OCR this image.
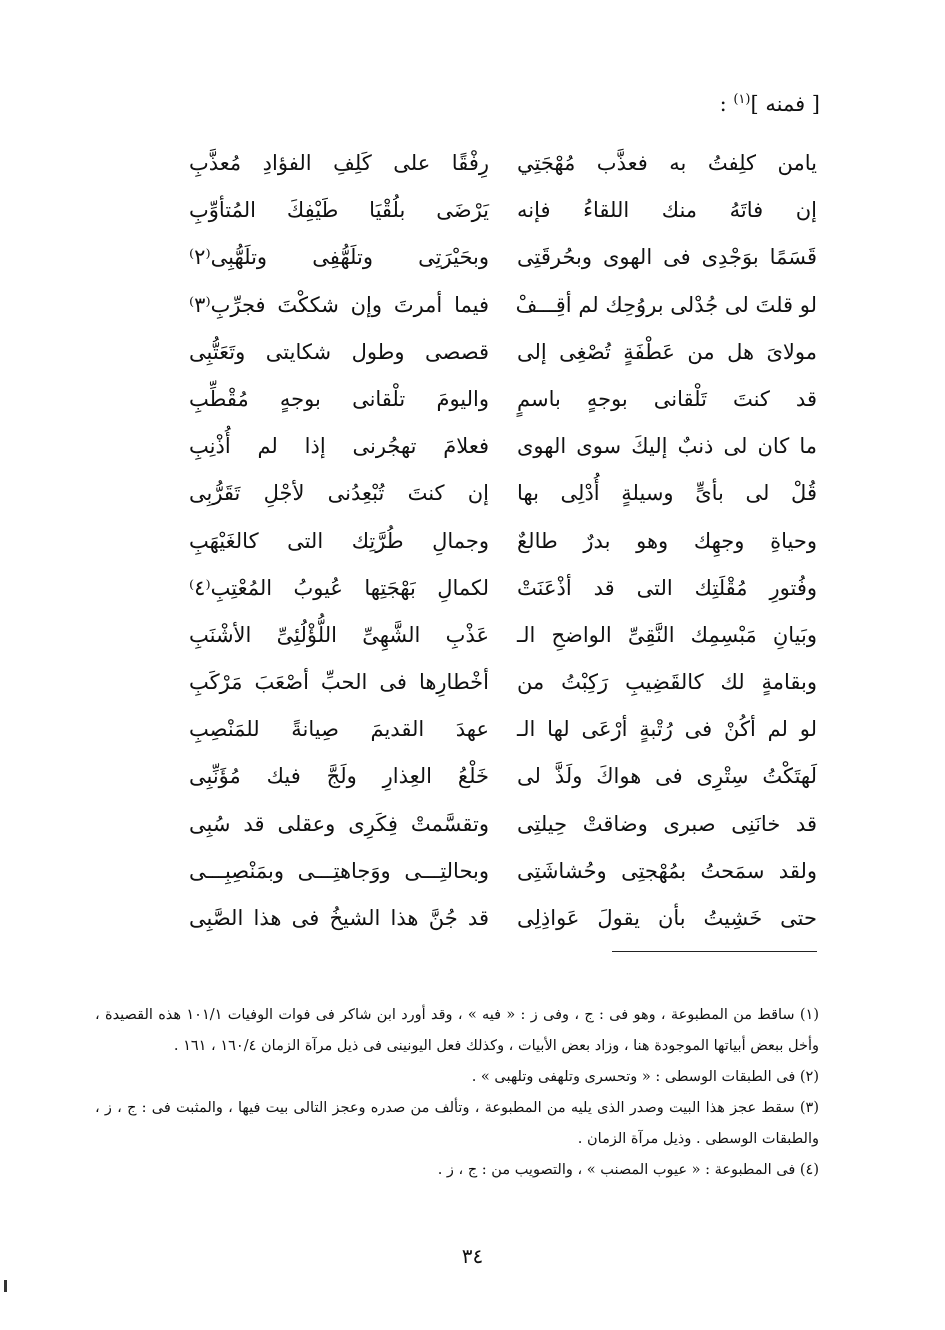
[ فمنه ]$^{(١)}$ :
يامن كلِفتُ به فعذَّب مُهْجَتِي
رِفْقًا على كَلِفِ الفؤادِ مُعذَّبِ
إن فاتَهُ منك اللقاءُ فإنه
يَرْضَى بلُقْيَا طَيْفِكَ المُتأوِّبِ
قَسَمًا بوَجْدِى فى الهوى وبحُرقَتِى
وبحَيْرَتِى وتلَهُّفِى وتلَهُّبِى⁽٢⁾
لو قلتَ لى جُدْلى بروُحِك لم أقِـــفْ
فيما أمرتَ وإن شككْتَ فجرِّبِ⁽٣⁾
مولاىَ هل من عَطْفَةٍ تُصْغِى إلى
قصصى وطول شكايتى وتَعَتُّبِى
قد كنتَ تَلْقانى بوجهٍ باسمٍ
واليومَ تلْقانى بوجهٍ مُقْطِّبِ
ما كان لى ذنبٌ إليكَ سوى الهوى
فعلامَ تهجُرنى إذا لم أُذْنِبِ
قُلْ لى بأىٍّ وسيلةٍ أُدْلِى بها
إن كنتَ تُبْعِدُنى لأجْلِ تَقَرُّبِى
وحياةِ وجهِك وهو بدرٌ طالعٌ
وجمالِ طُرَّتِك التى كالغَيْهَبِ
وفُتورِ مُقْلَتِك التى قد أذْعَنَتْ
لكمالِ بَهْجَتِها عُيوبُ المُعْتِبِ⁽٤⁾
وبَيانِ مَبْسِمِك النَّقِىِّ الواضحِ الـ
عَذْبِ الشَّهِىِّ اللُّؤْلُئِىِّ الأشْنَبِ
وبقامةٍ لك كالقَضِيبِ رَكِبْتُ من
أخْطارِها فى الحبِّ أصْعَبَ مَرْكَبِ
لو لم أكُنْ فى رُتْبةٍ أرْعَى لها الـ
عهدَ القديمَ صِيانةً للمَنْصِبِ
لَهتَكْتُ سِتْرِى فى هواكَ ولَذَّ لى
خَلْعُ العِذارِ ولَجَّ فيك مُؤَنِّبِى
قد خانَنِى صبرى وضاقتْ حِيلتِى
وتقسَّمتْ فِكَرِى وعقلى قد سُبِى
ولقد سمَحتُ بمُهْجتِى وحُشاشَتِى
وبحالتِـــى ووَجاهتِـــى وبمَنْصِبِـــى
حتى خَشِيتُ بأن يقولَ عَواذِلِى
قد جُنَّ هذا الشيخُ فى هذا الصَّبِى

(١) ساقط من المطبوعة ، وهو فى : ج ، وفى ز : « فيه » ، وقد أورد ابن شاكر فى فوات الوفيات ١٠١/١ هذه القصيدة ، وأخل ببعض أبياتها الموجودة هنا ، وزاد بعض الأبيات ، وكذلك فعل اليونينى فى ذيل مرآة الزمان ١٦٠/٤ ، ١٦١ .

(٢) فى الطبقات الوسطى : « وتحسرى وتلهفى وتلهبى » .

(٣) سقط عجز هذا البيت وصدر الذى يليه من المطبوعة ، وتألف من صدره وعجز التالى بيت فيها ، والمثبت فى : ج ، ز ، والطبقات الوسطى . وذيل مرآة الزمان .

(٤) فى المطبوعة : « عيوب المصنب » ، والتصويب من : ج ، ز .

٣٤
